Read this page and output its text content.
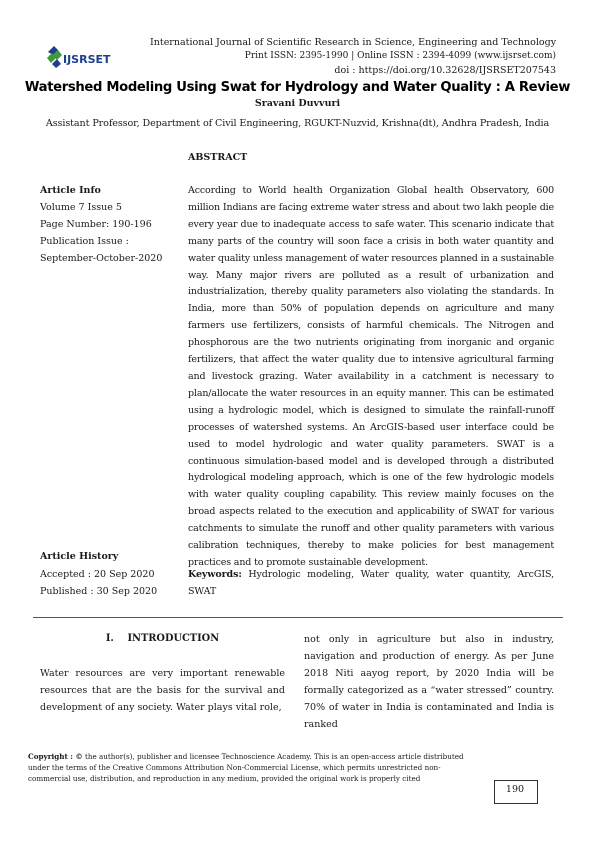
IJSRSET
International Journal of Scientific Research in Science, Engineering and Technology
Print ISSN: 2395-1990 | Online ISSN : 2394-4099 (www.ijsrset.com)
doi : https://doi.org/10.32628/IJSRSET207543
Watershed Modeling Using Swat for Hydrology and Water Quality : A Review
Sravani Duvvuri
Assistant Professor, Department of Civil Engineering, RGUKT-Nuzvid, Krishna(dt), Andhra Pradesh, India
ABSTRACT
Article Info
Volume 7 Issue 5
Page Number: 190-196
Publication Issue :
September-October-2020
Article History
Accepted : 20 Sep 2020
Published : 30 Sep 2020
According to World health Organization Global health Observatory, 600 million Indians are facing extreme water stress and about two lakh people die every year due to inadequate access to safe water. This scenario indicate that many parts of the country will soon face a crisis in both water quantity and water quality unless management of water resources planned in a sustainable way. Many major rivers are polluted as a result of urbanization and industrialization, thereby quality parameters also violating the standards. In India, more than 50% of population depends on agriculture and many farmers use fertilizers, consists of harmful chemicals. The Nitrogen and phosphorous are the two nutrients originating from inorganic and organic fertilizers, that affect the water quality due to intensive agricultural farming and livestock grazing. Water availability in a catchment is necessary to plan/allocate the water resources in an equity manner. This can be estimated using a hydrologic model, which is designed to simulate the rainfall-runoff processes of watershed systems. An ArcGIS-based user interface could be used to model hydrologic and water quality parameters. SWAT is a continuous simulation-based model and is developed through a distributed hydrological modeling approach, which is one of the few hydrologic models with water quality coupling capability. This review mainly focuses on the broad aspects related to the execution and applicability of SWAT for various catchments to simulate the runoff and other quality parameters with various calibration techniques, thereby to make policies for best management practices and to promote sustainable development.
Keywords: Hydrologic modeling, Water quality, water quantity, ArcGIS, SWAT
I.    INTRODUCTION
Water resources are very important renewable resources that are the basis for the survival and development of any society. Water plays vital role,
not only in agriculture but also in industry, navigation and production of energy. As per June 2018 Niti aayog report, by 2020 India will be formally categorized as a “water stressed” country. 70% of water in India is contaminated and India is ranked
Copyright : © the author(s), publisher and licensee Technoscience Academy. This is an open-access article distributed
under the terms of the Creative Commons Attribution Non-Commercial License, which permits unrestricted non-
commercial use, distribution, and reproduction in any medium, provided the original work is properly cited
190
